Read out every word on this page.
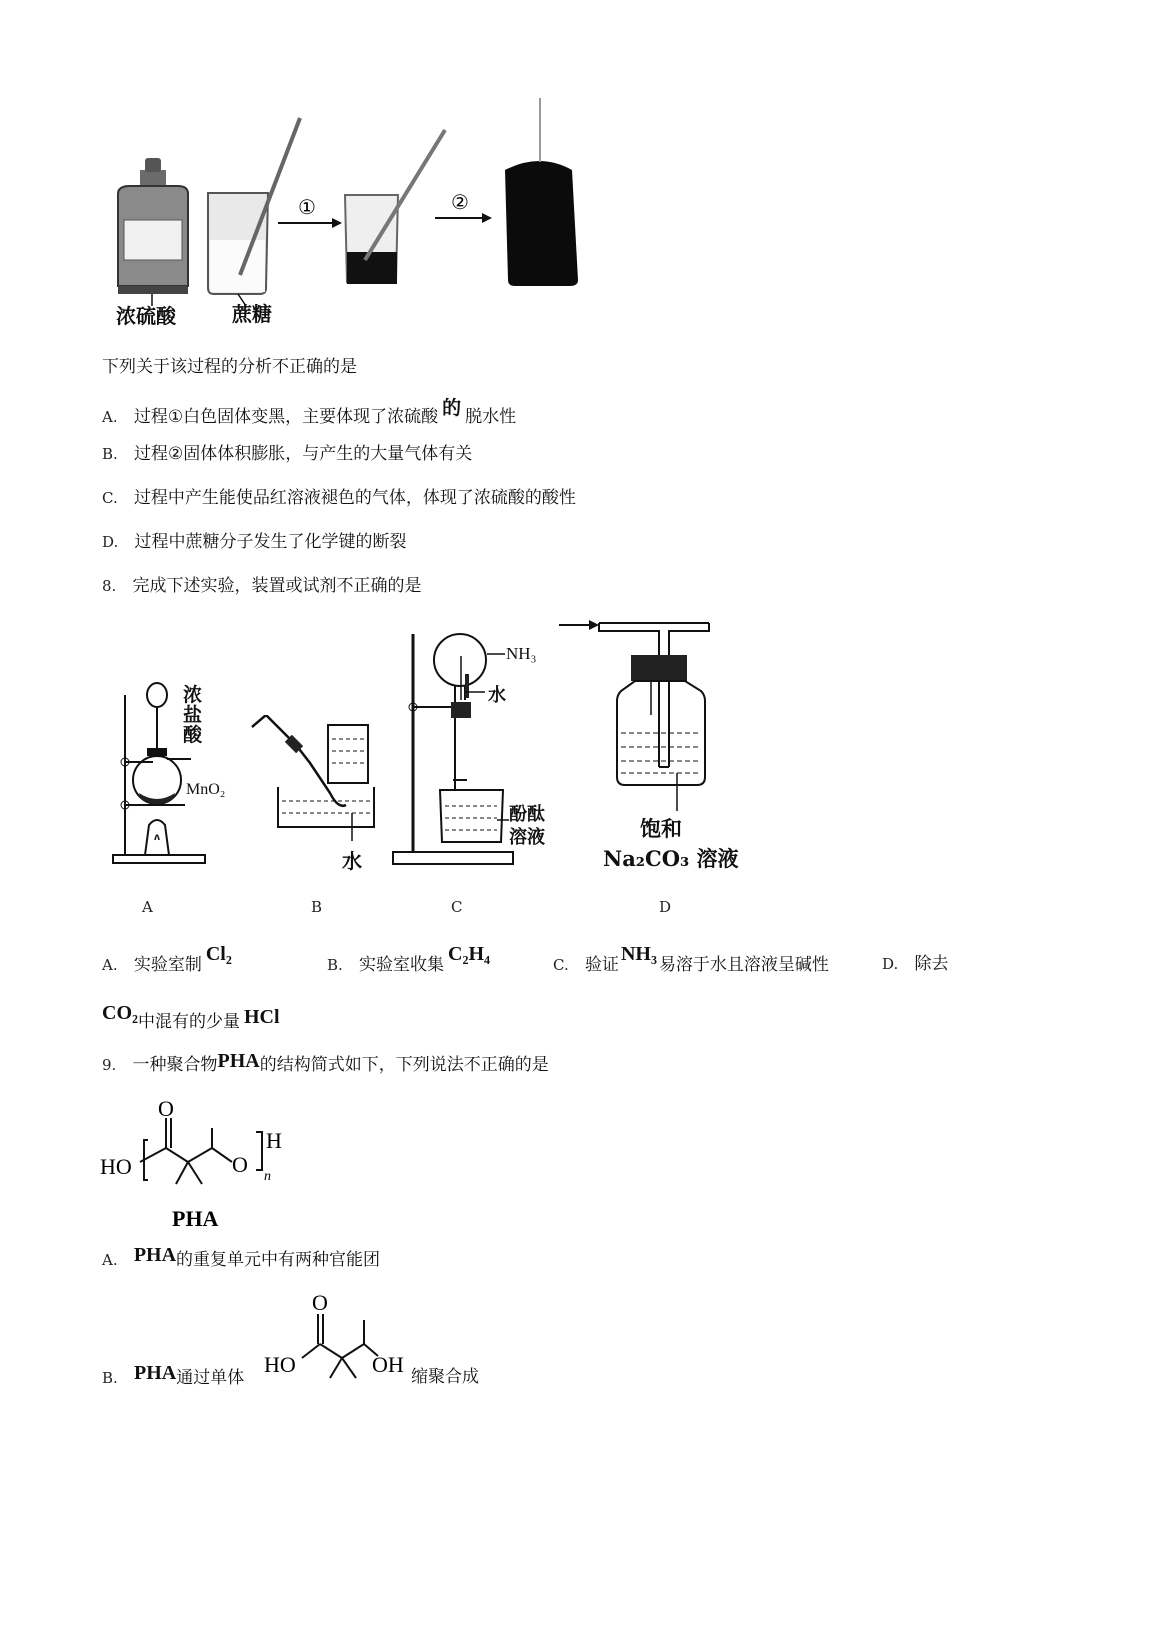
①	②
浓硫酸	蔗糖
下列关于该过程的分析不正确的是
A. 过程①白色固体变黑，主要体现了浓硫酸 的 脱水性
B. 过程②固体体积膨胀，与产生的大量气体有关
C. 过程中产生能使品红溶液褪色的气体，体现了浓硫酸的酸性
D. 过程中蔗糖分子发生了化学键的断裂
8. 完成下述实验，装置或试剂不正确的是
浓
盐
酸
MnO₂
水
NH₃
水
酚酞
溶液	饱和
Na₂CO₃ 溶液
A	B	C	D
A. 实验室制 Cl₂	B. 实验室收集 C₂H₄	C. 验证 NH₃ 易溶于水且溶液呈碱性	D. 除去
CO₂中混有的少量 HCl
9. 一种聚合物PHA的结构简式如下，下列说法不正确的是
HO
O
O
H
n
PHA
A. PHA的重复单元中有两种官能团
B. PHA通过单体
HO
O
OH 缩聚合成
